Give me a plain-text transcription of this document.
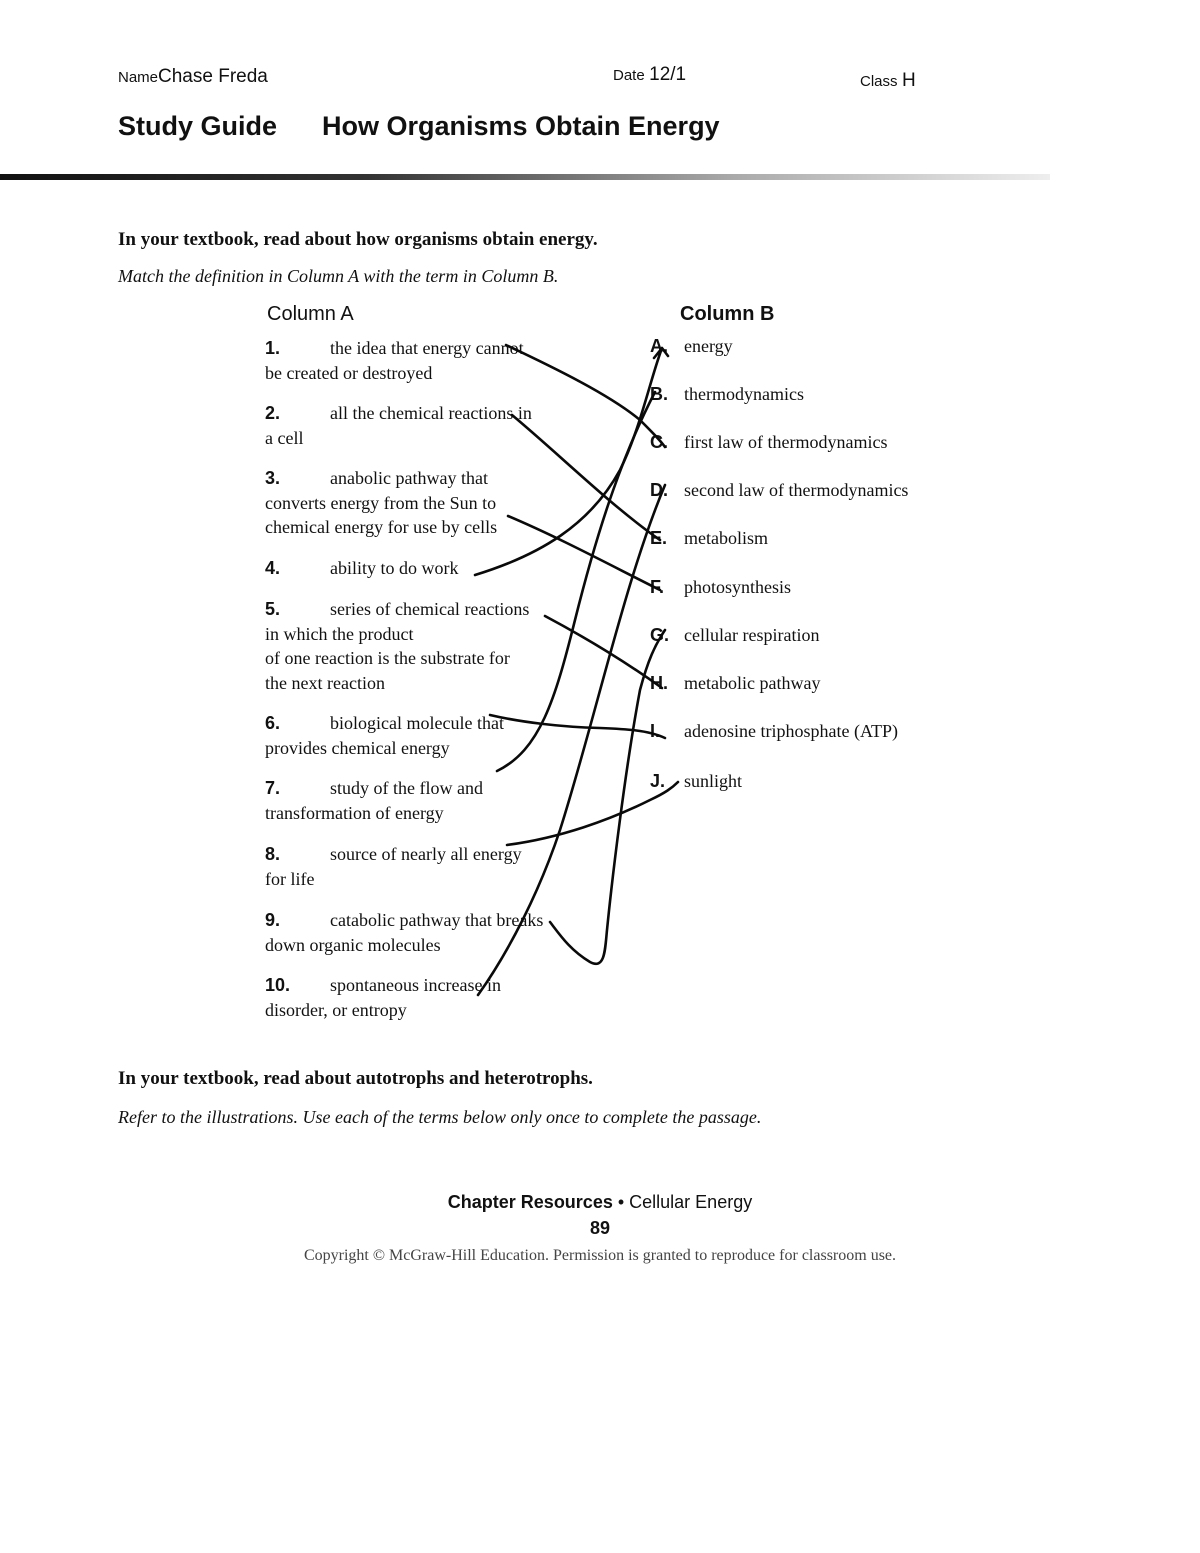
NameChase Freda	Date 12/1	Class H
Study Guide How Organisms Obtain Energy
In your textbook, read about how organisms obtain energy.
Match the definition in Column A with the term in Column B.
Column A	Column B
1.	the idea that energy cannot
be created or destroyed
2.	all the chemical reactions in
a cell
3.	anabolic pathway that
converts energy from the Sun to
chemical energy for use by cells
4.	ability to do work
5.	series of chemical reactions
in which the product
of one reaction is the substrate for
the next reaction
6.	biological molecule that
provides chemical energy
7.	study of the flow and
transformation of energy
8.	source of nearly all energy
for life
9.	catabolic pathway that breaks
down organic molecules
10. spontaneous increase in
disorder, or entropy
A. energy
B. thermodynamics
C. first law of thermodynamics
D. second law of thermodynamics
E. metabolism
F. photosynthesis
G. cellular respiration
H. metabolic pathway
I. adenosine triphosphate (ATP)
J. sunlight
In your textbook, read about autotrophs and heterotrophs.
Refer to the illustrations. Use each of the terms below only once to complete the passage.
Chapter Resources • Cellular Energy
89
Copyright © McGraw-Hill Education. Permission is granted to reproduce for classroom use.
